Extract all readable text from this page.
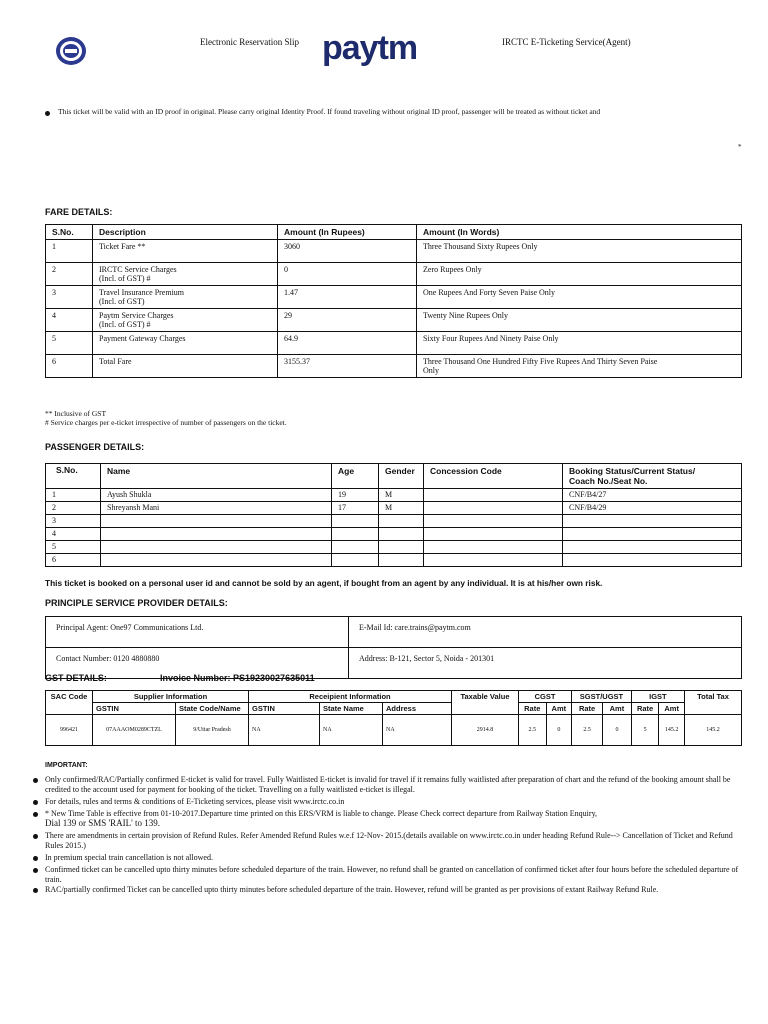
Electronic Reservation Slip paytm	IRCTC E-Ticketing Service(Agent)
This ticket will be valid with an ID proof in original. Please carry original Identity Proof. If found traveling without original ID proof, passenger will be treated as without ticket and
*
FARE DETAILS:
S.No.	Description	Amount (In Rupees)	Amount (In Words)
1	Ticket Fare **	3060	Three Thousand Sixty Rupees Only
2	IRCTC Service Charges
(Incl. of GST) #	0	Zero Rupees Only
3	Travel Insurance Premium
(Incl. of GST)	1.47	One Rupees And Forty Seven Paise Only
4	Paytm Service Charges
(Incl. of GST) #	29	Twenty Nine Rupees Only
5	Payment Gateway Charges	64.9	Sixty Four Rupees And Ninety Paise Only
6	Total Fare	3155.37	Three Thousand One Hundred Fifty Five Rupees And Thirty Seven Paise
Only
** Inclusive of GST
# Service charges per e-ticket irrespective of number of passengers on the ticket.
PASSENGER DETAILS:
S.No.	Name	Age	Gender	Concession Code	Booking Status/Current Status/
Coach No./Seat No.
1	Ayush Shukla	19	M		CNF/B4/27
2	Shreyansh Mani	17	M		CNF/B4/29
3					
4					
5					
6					
This ticket is booked on a personal user id and cannot be sold by an agent, if bought from an agent by any individual. It is at his/her own risk.
PRINCIPLE SERVICE PROVIDER DETAILS:
Principal Agent: One97 Communications Ltd.	E-Mail Id: care.trains@paytm.com
Contact Number: 0120 4880880	Address: B-121, Sector 5, Noida - 201301
GST DETAILS:	Invoice Number: PS19230027635011
SAC Code	Supplier Information		Receipient Information			Taxable Value	CGST		SGST/UGST		IGST		Total Tax
	GSTIN	State Code/Name	GSTIN	State Name	Address		Rate	Amt	Rate	Amt	Rate	Amt	
996421	07AAAOM0289CTZL	9/Uttar Pradesh	NA	NA	NA	2914.8	2.5	0	2.5	0	5	145.2	145.2
IMPORTANT:
Only confirmed/RAC/Partially confirmed E-ticket is valid for travel. Fully Waitlisted E-ticket is invalid for travel if it remains fully waitlisted after preparation of chart and the refund of the booking amount shall be credited to the account used for payment for booking of the ticket. Travelling on a fully waitlisted e-ticket is illegal.
For details, rules and terms & conditions of E-Ticketing services, please visit www.irctc.co.in
* New Time Table is effective from 01-10-2017.Departure time printed on this ERS/VRM is liable to change. Please Check correct departure from Railway Station Enquiry,
Dial 139 or SMS 'RAIL' to 139.
There are amendments in certain provision of Refund Rules. Refer Amended Refund Rules w.e.f 12-Nov- 2015.(details available on www.irctc.co.in under heading Refund Rule--> Cancellation of Ticket and Refund Rules 2015.)
In premium special train cancellation is not allowed.
Confirmed ticket can be cancelled upto thirty minutes before scheduled departure of the train. However, no refund shall be granted on cancellation of confirmed ticket after four hours before the scheduled departure of train.
RAC/partially confirmed Ticket can be cancelled upto thirty minutes before scheduled departure of the train. However, refund will be granted as per provisions of extant Railway Refund Rule.
